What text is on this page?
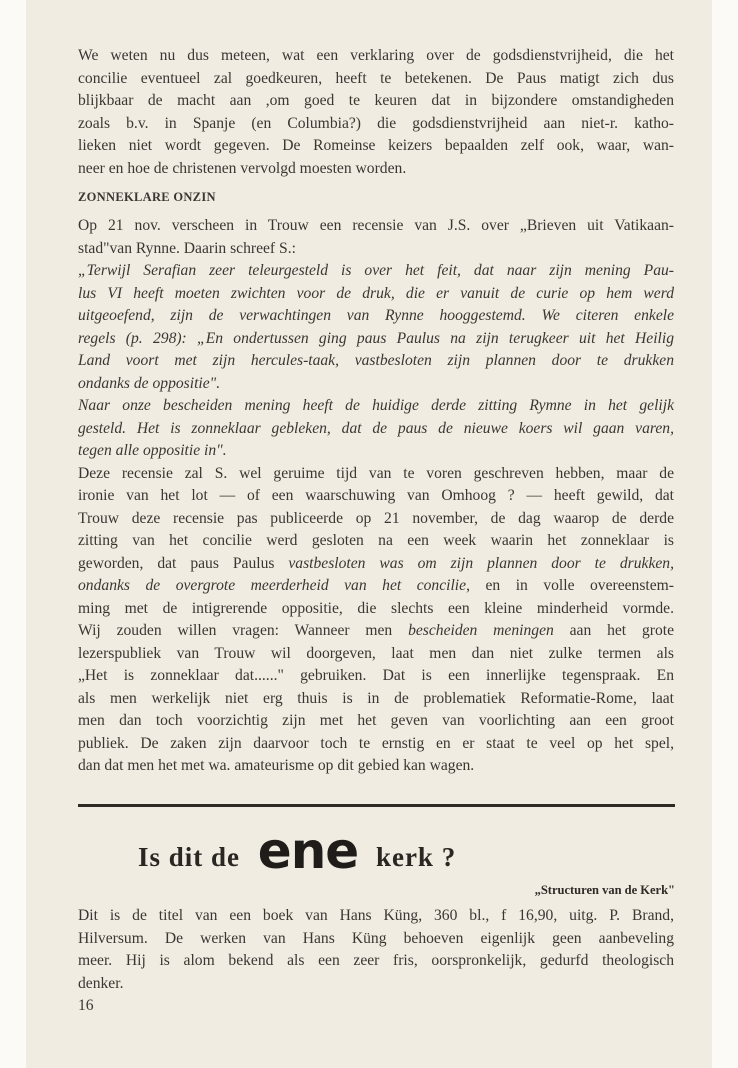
We weten nu dus meteen, wat een verklaring over de godsdienstvrijheid, die het
concilie eventueel zal goedkeuren, heeft te betekenen. De Paus matigt zich dus
blijkbaar de macht aan ,om goed te keuren dat in bijzondere omstandigheden
zoals b.v. in Spanje (en Columbia?) die godsdienstvrijheid aan niet-r. katho-
lieken niet wordt gegeven. De Romeinse keizers bepaalden zelf ook, waar, wan-
neer en hoe de christenen vervolgd moesten worden.
ZONNEKLARE ONZIN
Op 21 nov. verscheen in Trouw een recensie van J.S. over „Brieven uit Vatikaan-
stad"van Rynne. Daarin schreef S.:
„Terwijl Serafian zeer teleurgesteld is over het feit, dat naar zijn mening Pau-
lus VI heeft moeten zwichten voor de druk, die er vanuit de curie op hem werd
uitgeoefend, zijn de verwachtingen van Rynne hooggestemd. We citeren enkele
regels (p. 298): „En ondertussen ging paus Paulus na zijn terugkeer uit het Heilig
Land voort met zijn hercules-taak, vastbesloten zijn plannen door te drukken
ondanks de oppositie".
Naar onze bescheiden mening heeft de huidige derde zitting Rymne in het gelijk
gesteld. Het is zonneklaar gebleken, dat de paus de nieuwe koers wil gaan varen,
tegen alle oppositie in".
Deze recensie zal S. wel geruime tijd van te voren geschreven hebben, maar de
ironie van het lot — of een waarschuwing van Omhoog ? — heeft gewild, dat
Trouw deze recensie pas publiceerde op 21 november, de dag waarop de derde
zitting van het concilie werd gesloten na een week waarin het zonneklaar is
geworden, dat paus Paulus vastbesloten was om zijn plannen door te drukken,
ondanks de overgrote meerderheid van het concilie, en in volle overeenstem-
ming met de intigrerende oppositie, die slechts een kleine minderheid vormde.
Wij zouden willen vragen: Wanneer men bescheiden meningen aan het grote
lezerspubliek van Trouw wil doorgeven, laat men dan niet zulke termen als
„Het is zonneklaar dat......" gebruiken. Dat is een innerlijke tegenspraak. En
als men werkelijk niet erg thuis is in de problematiek Reformatie-Rome, laat
men dan toch voorzichtig zijn met het geven van voorlichting aan een groot
publiek. De zaken zijn daarvoor toch te ernstig en er staat te veel op het spel,
dan dat men het met wa. amateurisme op dit gebied kan wagen.
Is dit de ene kerk ?
„Structuren van de Kerk"
Dit is de titel van een boek van Hans Küng, 360 bl., f 16,90, uitg. P. Brand,
Hilversum. De werken van Hans Küng behoeven eigenlijk geen aanbeveling
meer. Hij is alom bekend als een zeer fris, oorspronkelijk, gedurfd theologisch
denker.
16
